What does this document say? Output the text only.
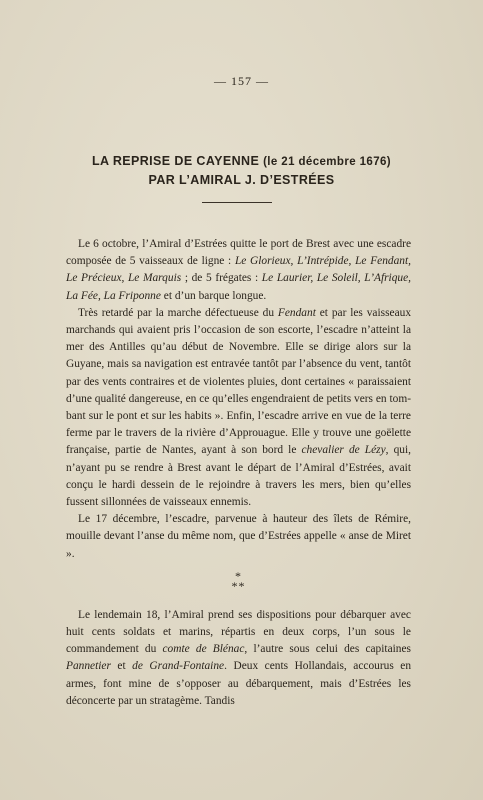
— 157 —
LA REPRISE DE CAYENNE (le 21 décembre 1676)
PAR L’AMIRAL J. D’ESTRÉES

Le 6 octobre, l’Amiral d’Estrées quitte le port de Brest avec une escadre composée de 5 vaisseaux de ligne : Le Glorieux, L’Intrépide, Le Fendant, Le Précieux, Le Marquis ; de 5 frégates : Le Laurier, Le Soleil, L’Afrique, La Fée, La Friponne et d’un barque longue.

Très retardé par la marche défectueuse du Fendant et par les vaisseaux marchands qui avaient pris l’occasion de son escorte, l’escadre n’atteint la mer des Antilles qu’au début de Novembre. Elle se dirige alors sur la Guyane, mais sa navigation est entravée tantôt par l’absence du vent, tantôt par des vents contraires et de violentes pluies, dont certaines « paraissaient d’une qualité dangereuse, en ce qu’elles engendraient de petits vers en tombant sur le pont et sur les habits ». Enfin, l’escadre arrive en vue de la terre ferme par le travers de la rivière d’Approuague. Elle y trouve une goëlette française, partie de Nantes, ayant à son bord le chevalier de Lézy, qui, n’ayant pu se rendre à Brest avant le départ de l’Amiral d’Estrées, avait conçu le hardi dessein de le rejoindre à travers les mers, bien qu’elles fussent sillonnées de vaisseaux ennemis.

Le 17 décembre, l’escadre, parvenue à hauteur des îlets de Rémire, mouille devant l’anse du même nom, que d’Estrées appelle « anse de Miret ».

*
**

Le lendemain 18, l’Amiral prend ses dispositions pour débarquer avec huit cents soldats et marins, répartis en deux corps, l’un sous le commandement du comte de Blénac, l’autre sous celui des capitaines Pannetier et de Grand-Fontaine. Deux cents Hollandais, accourus en armes, font mine de s’opposer au débarquement, mais d’Estrées les déconcerte par un stratagème. Tandis
